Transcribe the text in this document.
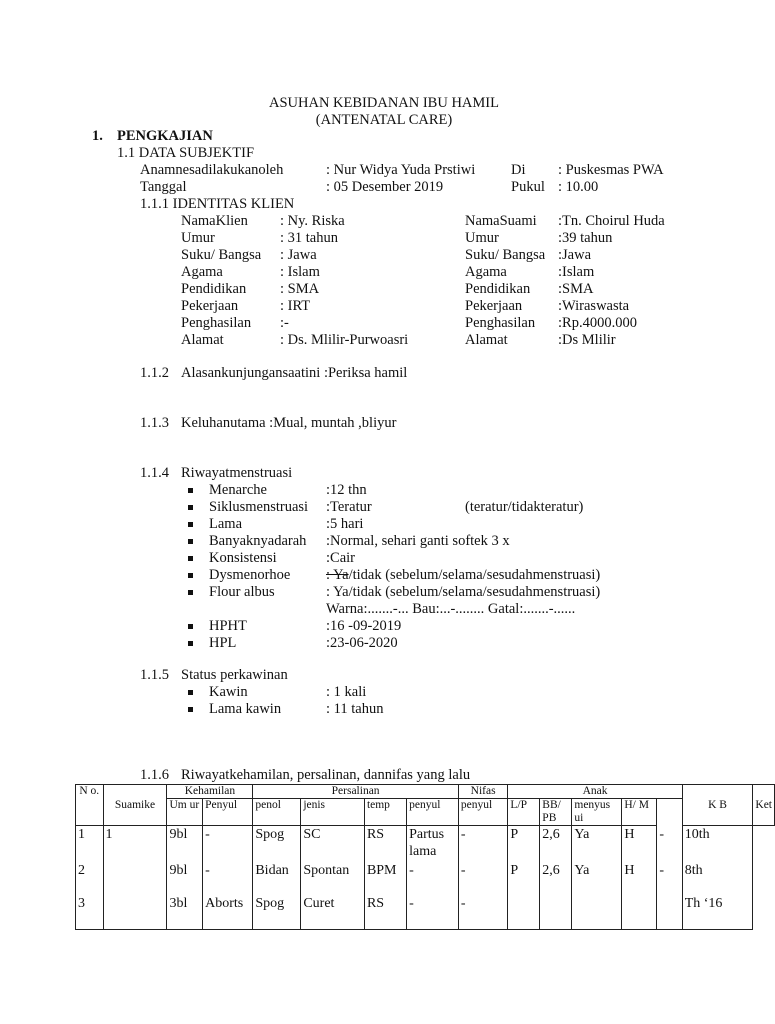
ASUHAN KEBIDANAN IBU HAMIL
(ANTENATAL CARE)
1. PENGKAJIAN
1.1 DATA SUBJEKTIF
Anamnesadilakukanoleh	: Nur Widya Yuda Prstiwi Di : Puskesmas PWA
Tanggal	: 05 Desember 2019	Pukul : 10.00
1.1.1 IDENTITAS KLIEN
NamaKlien : Ny. Riska
Umur	: 31 tahun
Suku/ Bangsa : Jawa
Agama	: Islam
Pendidikan : SMA
Pekerjaan	: IRT
Penghasilan :-
Alamat	: Ds. Mlilir-Purwoasri
NamaSuami :Tn. Choirul Huda
Umur	:39 tahun
Suku/ Bangsa :Jawa
Agama	:Islam
Pendidikan :SMA
Pekerjaan :Wiraswasta
Penghasilan :Rp.4000.000
Alamat	:Ds Mlilir
1.1.2 Alasankunjungansaatini :Periksa hamil
1.1.3 Keluhanutama :Mual, muntah ,bliyur
1.1.4 Riwayatmenstruasi
Menarche	:12 thn
Siklusmenstruasi :Teratur	(teratur/tidakteratur)
Lama	:5 hari
Banyaknyadarah :Normal, sehari ganti softek 3 x
Konsistensi	:Cair
Dysmenorhoe : Ya/tidak (sebelum/selama/sesudahmenstruasi)
Flour albus	: Ya/tidak (sebelum/selama/sesudahmenstruasi)
Warna:.......-... Bau:...-........ Gatal:.......-......
HPHT	:16 -09-2019
HPL	:23-06-2020
1.1.5 Status perkawinan
Kawin	: 1 kali
Lama kawin	: 11 tahun
1.1.6 Riwayatkehamilan, persalinan, dannifas yang lalu
N o.	Suamike	Kehamilan		Persalinan				Nifas	Anak					K B	Ket
		Um ur	Penyul	penol	jenis	temp	penyul	penyul	L/P	BB/ PB	menyus ui	H/ M			
1	1	9bl	-	Spog	SC	RS	Partus lama	-	P	2,6	Ya	H	-	10th	
2		9bl	-	Bidan	Spontan	BPM	-	-	P	2,6	Ya	H	-	8th	
3		3bl	Aborts	Spog	Curet	RS	-	-						Th ‘16	
